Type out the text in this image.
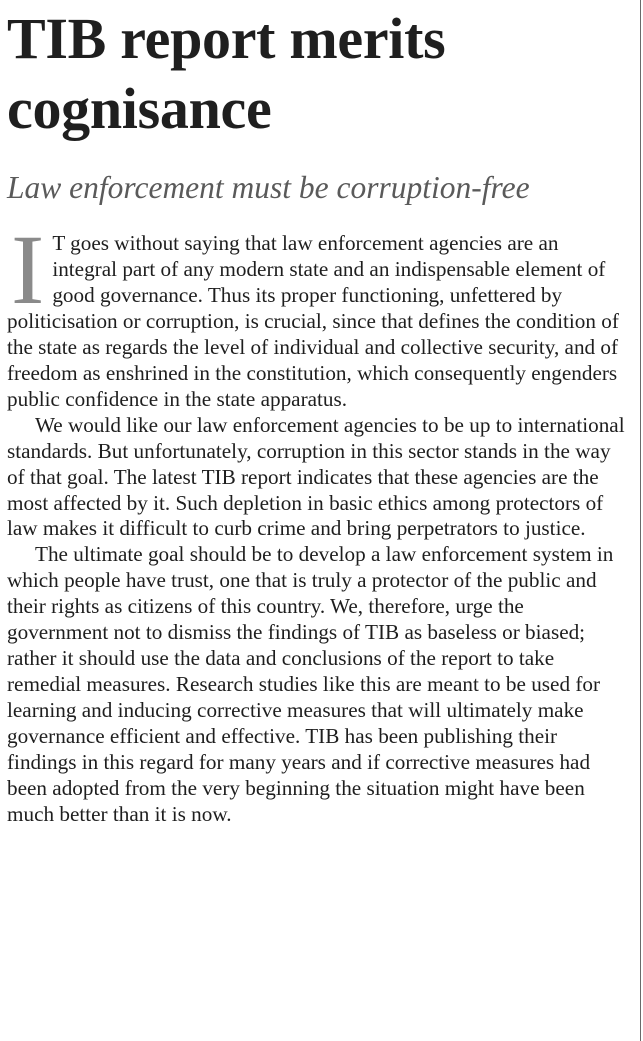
TIB report merits cognisance
Law enforcement must be corruption-free

I T goes without saying that law enforcement agencies are an integral part of any modern state and an indispensable element of good governance. Thus its proper functioning, unfettered by politicisation or corruption, is crucial, since that defines the condition of the state as regards the level of individual and collective security, and of freedom as enshrined in the constitution, which consequently engenders public confidence in the state apparatus.

We would like our law enforcement agencies to be up to international standards. But unfortunately, corruption in this sector stands in the way of that goal. The latest TIB report indicates that these agencies are the most affected by it. Such depletion in basic ethics among protectors of law makes it difficult to curb crime and bring perpetrators to justice.

The ultimate goal should be to develop a law enforcement system in which people have trust, one that is truly a protector of the public and their rights as citizens of this country. We, therefore, urge the government not to dismiss the findings of TIB as baseless or biased; rather it should use the data and conclusions of the report to take remedial measures. Research studies like this are meant to be used for learning and inducing corrective measures that will ultimately make governance efficient and effective. TIB has been publishing their findings in this regard for many years and if corrective measures had been adopted from the very beginning the situation might have been much better than it is now.
